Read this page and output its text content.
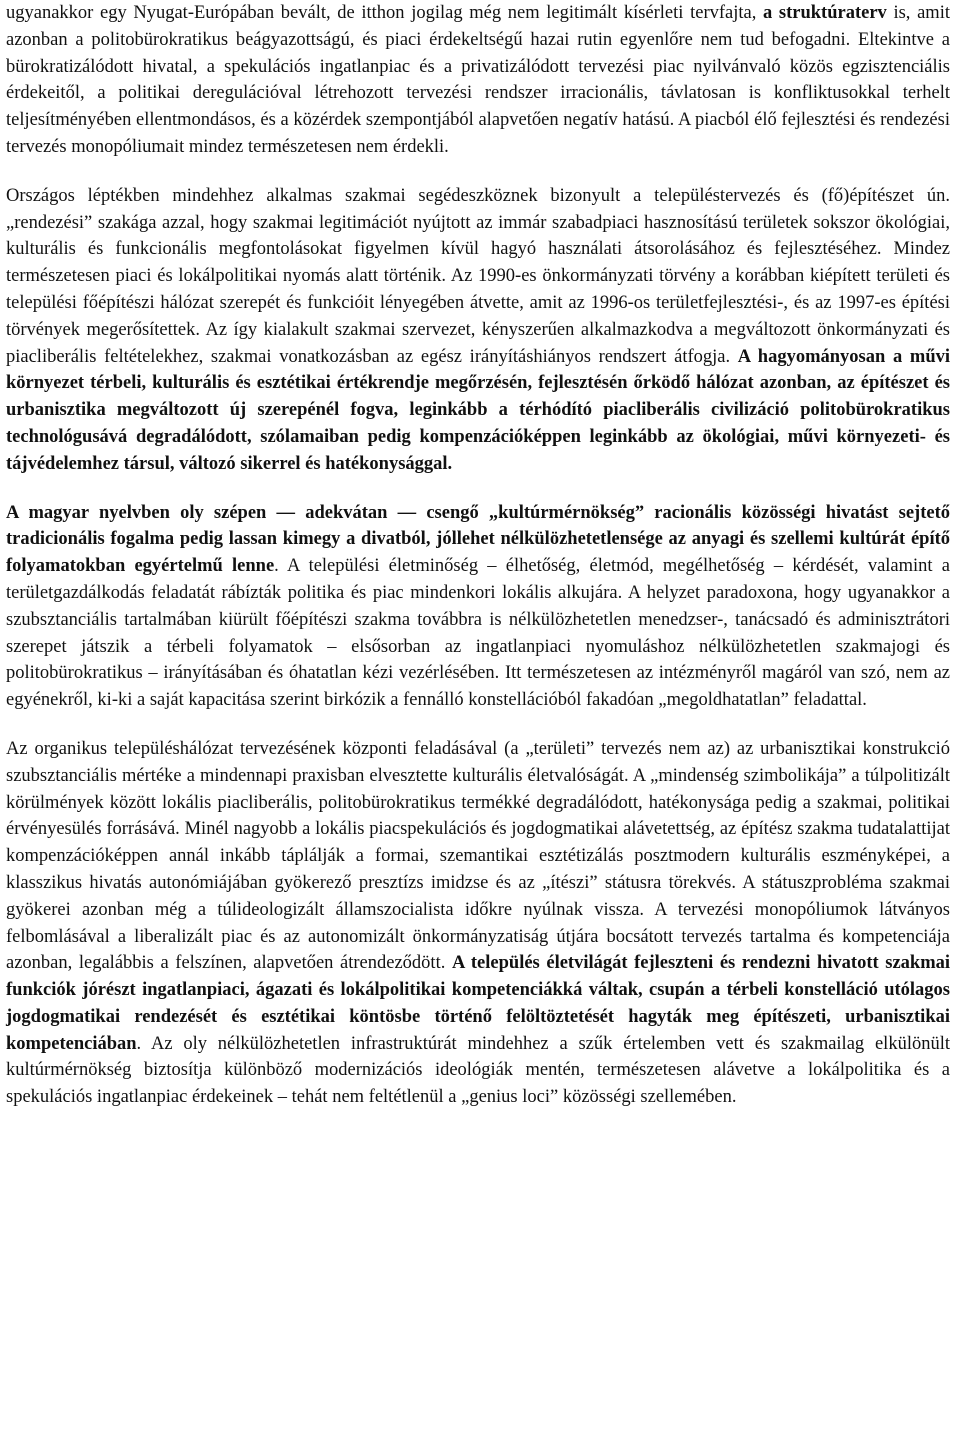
ugyanakkor egy Nyugat-Európában bevált, de itthon jogilag még nem legitimált kísérleti tervfajta, a struktúraterv is, amit azonban a politobürokratikus beágyazottságú, és piaci érdekeltségű hazai rutin egyenlőre nem tud befogadni. Eltekintve a bürokratizálódott hivatal, a spekulációs ingatlanpiac és a privatizálódott tervezési piac nyilvánvaló közös egzisztenciális érdekeitől, a politikai deregulációval létrehozott tervezési rendszer irracionális, távlatosan is konfliktusokkal terhelt teljesítményében ellentmondásos, és a közérdek szempontjából alapvetően negatív hatású. A piacból élő fejlesztési és rendezési tervezés monopóliumait mindez természetesen nem érdekli.

Országos léptékben mindehhez alkalmas szakmai segédeszköznek bizonyult a településtervezés és (fő)építészet ún. „rendezési” szakága azzal, hogy szakmai legitimációt nyújtott az immár szabadpiaci hasznosítású területek sokszor ökológiai, kulturális és funkcionális megfontolásokat figyelmen kívül hagyó használati átsorolásához és fejlesztéséhez. Mindez természetesen piaci és lokálpolitikai nyomás alatt történik. Az 1990-es önkormányzati törvény a korábban kiépített területi és települési főépítészi hálózat szerepét és funkcióit lényegében átvette, amit az 1996-os területfejlesztési-, és az 1997-es építési törvények megerősítettek. Az így kialakult szakmai szervezet, kényszerűen alkalmazkodva a megváltozott önkormányzati és piacliberális feltételekhez, szakmai vonatkozásban az egész irányításhiányos rendszert átfogja. A hagyományosan a művi környezet térbeli, kulturális és esztétikai értékrendje megőrzésén, fejlesztésén őrködő hálózat azonban, az építészet és urbanisztika megváltozott új szerepénél fogva, leginkább a térhódító piacliberális civilizáció politobürokratikus technológusává degradálódott, szólamaiban pedig kompenzációképpen leginkább az ökológiai, művi környezeti- és tájvédelemhez társul, változó sikerrel és hatékonysággal.

A magyar nyelvben oly szépen — adekvátan — csengő „kultúrmérnökség” racionális közösségi hivatást sejtető tradicionális fogalma pedig lassan kimegy a divatból, jóllehet nélkülözhetetlensége az anyagi és szellemi kultúrát építő folyamatokban egyértelmű lenne. A települési életminőség – élhetőség, életmód, megélhetőség – kérdését, valamint a területgazdálkodás feladatát rábízták politika és piac mindenkori lokális alkujára. A helyzet paradoxona, hogy ugyanakkor a szubsztanciális tartalmában kiürült főépítészi szakma továbbra is nélkülözhetetlen menedzser-, tanácsadó és adminisztrátori szerepet játszik a térbeli folyamatok – elsősorban az ingatlanpiaci nyomuláshoz nélkülözhetetlen szakmajogi és politobürokratikus – irányításában és óhatatlan kézi vezérlésében. Itt természetesen az intézményről magáról van szó, nem az egyénekről, ki-ki a saját kapacitása szerint birkózik a fennálló konstellációból fakadóan „megoldhatatlan” feladattal.

Az organikus településhálózat tervezésének központi feladásával (a „területi” tervezés nem az) az urbanisztikai konstrukció szubsztanciális mértéke a mindennapi praxisban elvesztette kulturális életvalóságát. A „mindenség szimbolikája” a túlpolitizált körülmények között lokális piacliberális, politobürokratikus termékké degradálódott, hatékonysága pedig a szakmai, politikai érvényesülés forrásává. Minél nagyobb a lokális piacspekulációs és jogdogmatikai alávetettség, az építész szakma tudatalattijat kompenzációképpen annál inkább táplálják a formai, szemantikai esztétizálás posztmodern kulturális eszményképei, a klasszikus hivatás autonómiájában gyökerező presztízs imidzse és az „ítészi” státusra törekvés. A státuszprobléma szakmai gyökerei azonban még a túlideologizált államszocialista időkre nyúlnak vissza. A tervezési monopóliumok látványos felbomlásával a liberalizált piac és az autonomizált önkormányzatiság útjára bocsátott tervezés tartalma és kompetenciája azonban, legalábbis a felszínen, alapvetően átrendeződött. A település életvilágát fejleszteni és rendezni hivatott szakmai funkciók jórészt ingatlanpiaci, ágazati és lokálpolitikai kompetenciákká váltak, csupán a térbeli konstelláció utólagos jogdogmatikai rendezését és esztétikai köntösbe történő felöltöztetését hagyták meg építészeti, urbanisztikai kompetenciában. Az oly nélkülözhetetlen infrastruktúrát mindehhez a szűk értelemben vett és szakmailag elkülönült kultúrmérnökség biztosítja különböző modernizációs ideológiák mentén, természetesen alávetve a lokálpolitika és a spekulációs ingatlanpiac érdekeinek – tehát nem feltétlenül a „genius loci” közösségi szellemében.
